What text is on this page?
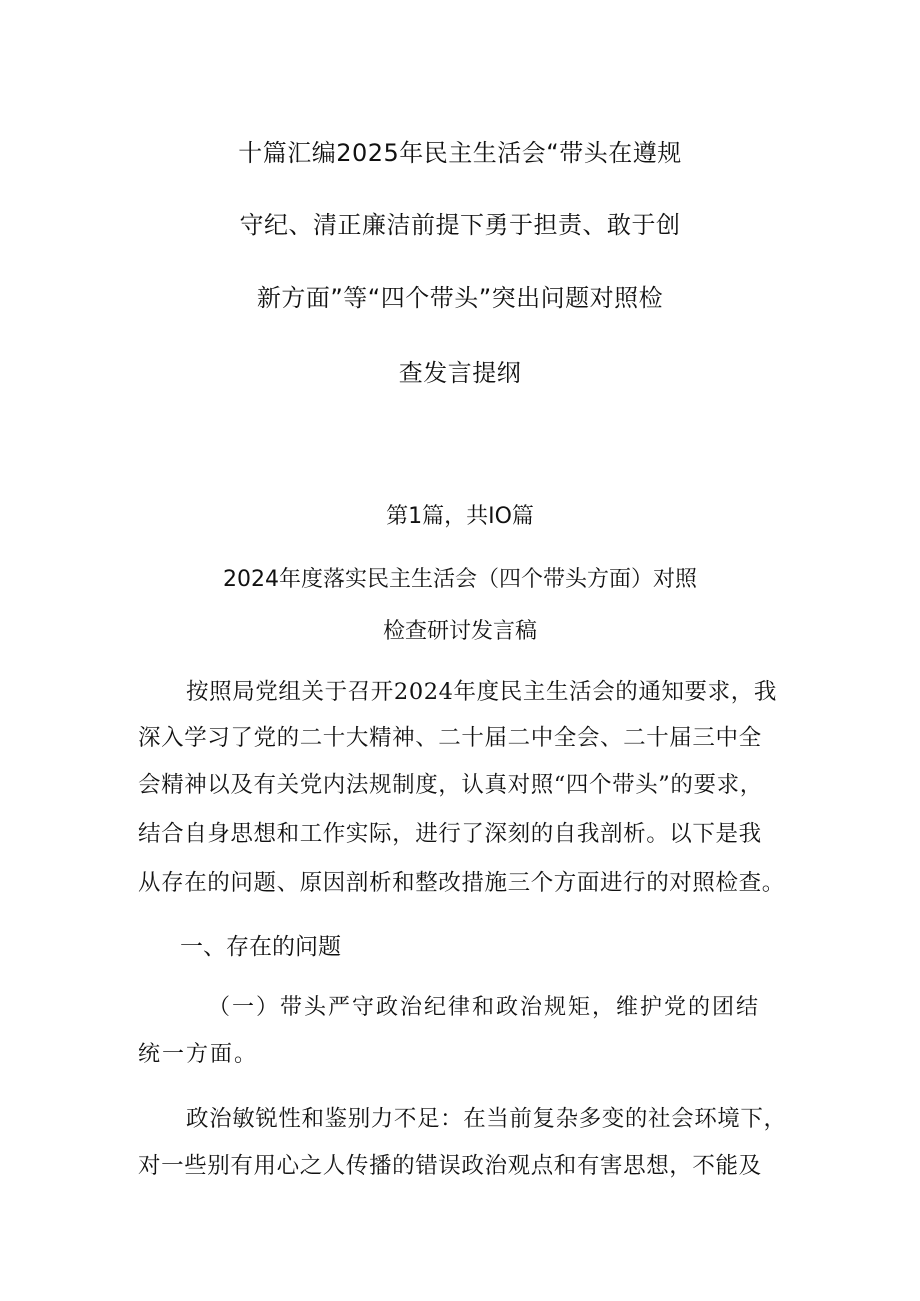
十篇汇编2025年民主生活会“带头在遵规
守纪、清正廉洁前提下勇于担责、敢于创
新方面”等“四个带头”突出问题对照检
查发言提纲
第1篇，共IO篇
2024年度落实民主生活会（四个带头方面）对照
检查研讨发言稿
按照局党组关于召开2024年度民主生活会的通知要求，我
深入学习了党的二十大精神、二十届二中全会、二十届三中全
会精神以及有关党内法规制度，认真对照“四个带头”的要求，
结合自身思想和工作实际，进行了深刻的自我剖析。以下是我
从存在的问题、原因剖析和整改措施三个方面进行的对照检查。
一、存在的问题
（一）带头严守政治纪律和政治规矩，维护党的团结
统一方面。
政治敏锐性和鉴别力不足：在当前复杂多变的社会环境下，
对一些别有用心之人传播的错误政治观点和有害思想，不能及
